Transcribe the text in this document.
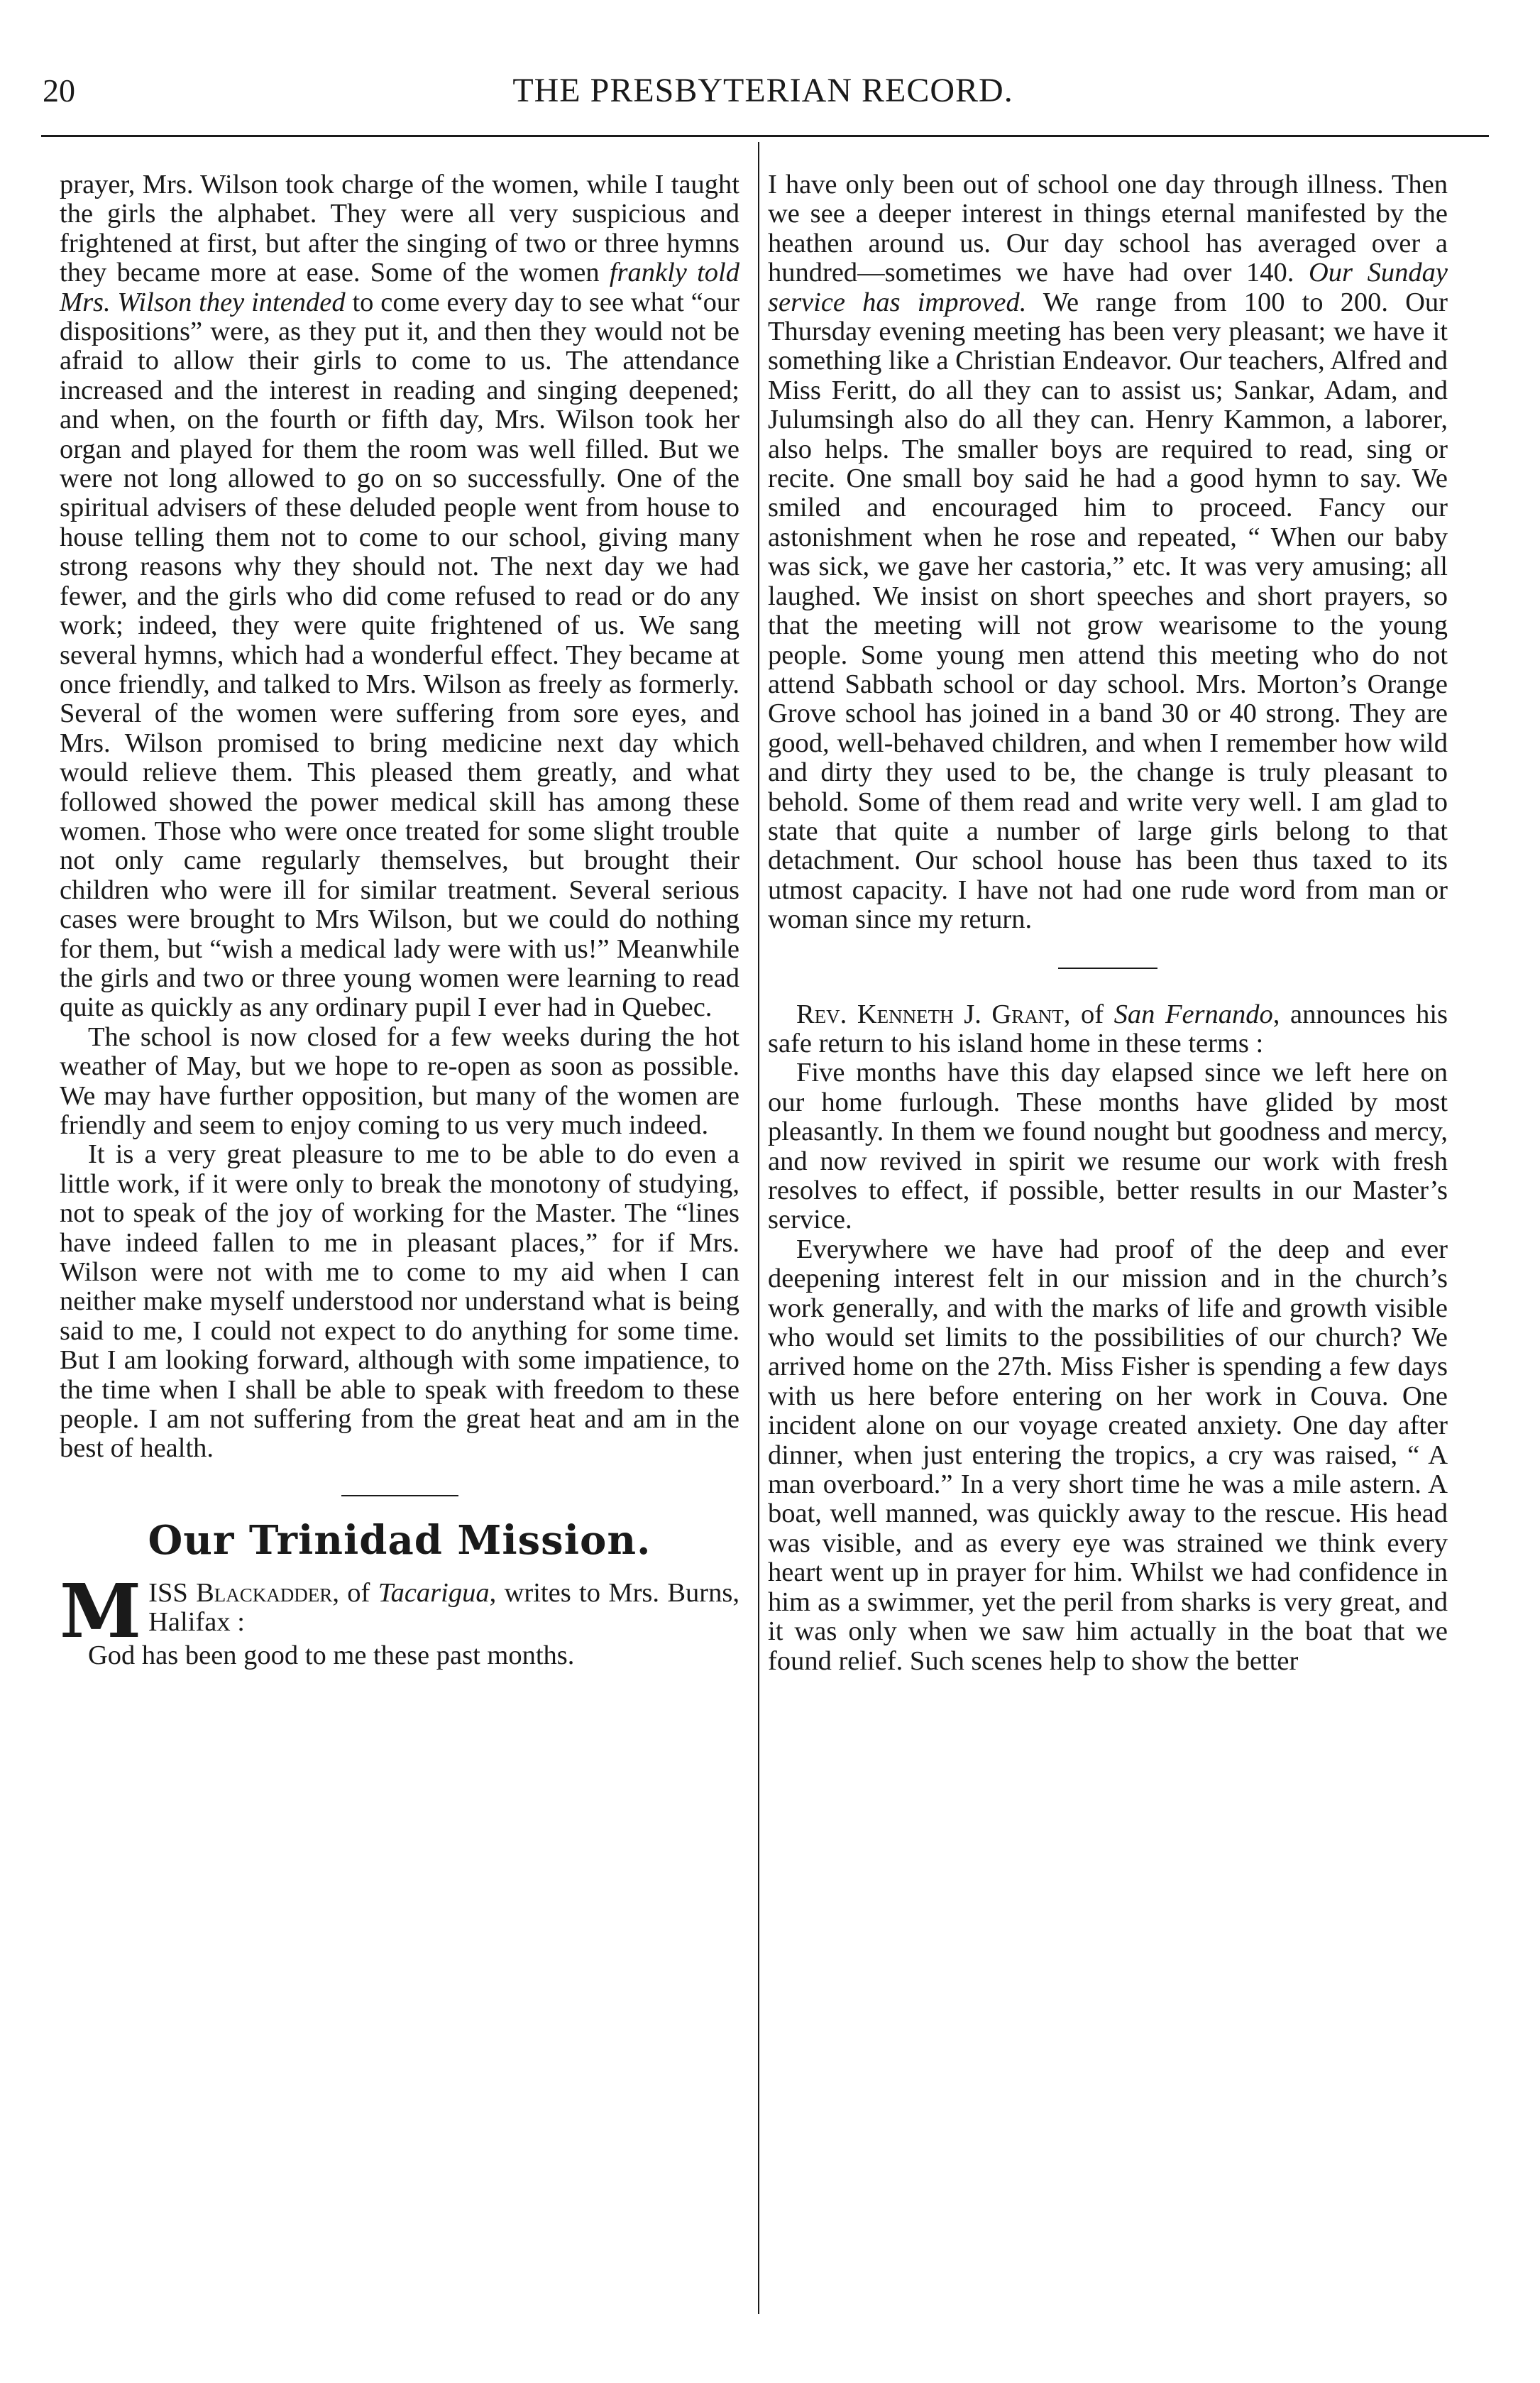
20	THE PRESBYTERIAN RECORD.

prayer, Mrs. Wilson took charge of the women, while I taught the girls the alphabet. They were all very suspicious and frightened at first, but after the singing of two or three hymns they became more at ease. Some of the women frankly told Mrs. Wilson they intended to come every day to see what “our dispositions” were, as they put it, and then they would not be afraid to allow their girls to come to us. The attendance increased and the interest in reading and singing deepened; and when, on the fourth or fifth day, Mrs. Wilson took her organ and played for them the room was well filled. But we were not long allowed to go on so successfully. One of the spiritual advisers of these deluded people went from house to house telling them not to come to our school, giving many strong reasons why they should not. The next day we had fewer, and the girls who did come refused to read or do any work; indeed, they were quite frightened of us. We sang several hymns, which had a wonderful effect. They became at once friendly, and talked to Mrs. Wilson as freely as formerly. Several of the women were suffering from sore eyes, and Mrs. Wilson promised to bring medicine next day which would relieve them. This pleased them greatly, and what followed showed the power medical skill has among these women. Those who were once treated for some slight trouble not only came regularly themselves, but brought their children who were ill for similar treatment. Several serious cases were brought to Mrs Wilson, but we could do nothing for them, but “wish a medical lady were with us!” Meanwhile the girls and two or three young women were learning to read quite as quickly as any ordinary pupil I ever had in Quebec.

The school is now closed for a few weeks during the hot weather of May, but we hope to re-open as soon as possible. We may have further opposition, but many of the women are friendly and seem to enjoy coming to us very much indeed.

It is a very great pleasure to me to be able to do even a little work, if it were only to break the monotony of studying, not to speak of the joy of working for the Master. The “lines have indeed fallen to me in pleasant places,” for if Mrs. Wilson were not with me to come to my aid when I can neither make myself understood nor understand what is being said to me, I could not expect to do anything for some time. But I am looking forward, although with some impatience, to the time when I shall be able to speak with freedom to these people. I am not suffering from the great heat and am in the best of health.

Our Trinidad Mission.

MISS Blackadder, of Tacarigua, writes to Mrs. Burns, Halifax :

God has been good to me these past months.

I have only been out of school one day through illness. Then we see a deeper interest in things eternal manifested by the heathen around us. Our day school has averaged over a hundred—sometimes we have had over 140. Our Sunday service has improved. We range from 100 to 200. Our Thursday evening meeting has been very pleasant; we have it something like a Christian Endeavor. Our teachers, Alfred and Miss Feritt, do all they can to assist us; Sankar, Adam, and Julumsingh also do all they can. Henry Kammon, a laborer, also helps. The smaller boys are required to read, sing or recite. One small boy said he had a good hymn to say. We smiled and encouraged him to proceed. Fancy our astonishment when he rose and repeated, “ When our baby was sick, we gave her castoria,” etc. It was very amusing; all laughed. We insist on short speeches and short prayers, so that the meeting will not grow wearisome to the young people. Some young men attend this meeting who do not attend Sabbath school or day school. Mrs. Morton’s Orange Grove school has joined in a band 30 or 40 strong. They are good, well-behaved children, and when I remember how wild and dirty they used to be, the change is truly pleasant to behold. Some of them read and write very well. I am glad to state that quite a number of large girls belong to that detachment. Our school house has been thus taxed to its utmost capacity. I have not had one rude word from man or woman since my return.

Rev. Kenneth J. Grant, of San Fernando, announces his safe return to his island home in these terms :

Five months have this day elapsed since we left here on our home furlough. These months have glided by most pleasantly. In them we found nought but goodness and mercy, and now revived in spirit we resume our work with fresh resolves to effect, if possible, better results in our Master’s service.

Everywhere we have had proof of the deep and ever deepening interest felt in our mission and in the church’s work generally, and with the marks of life and growth visible who would set limits to the possibilities of our church? We arrived home on the 27th. Miss Fisher is spending a few days with us here before entering on her work in Couva. One incident alone on our voyage created anxiety. One day after dinner, when just entering the tropics, a cry was raised, “ A man overboard.” In a very short time he was a mile astern. A boat, well manned, was quickly away to the rescue. His head was visible, and as every eye was strained we think every heart went up in prayer for him. Whilst we had confidence in him as a swimmer, yet the peril from sharks is very great, and it was only when we saw him actually in the boat that we found relief. Such scenes help to show the better
